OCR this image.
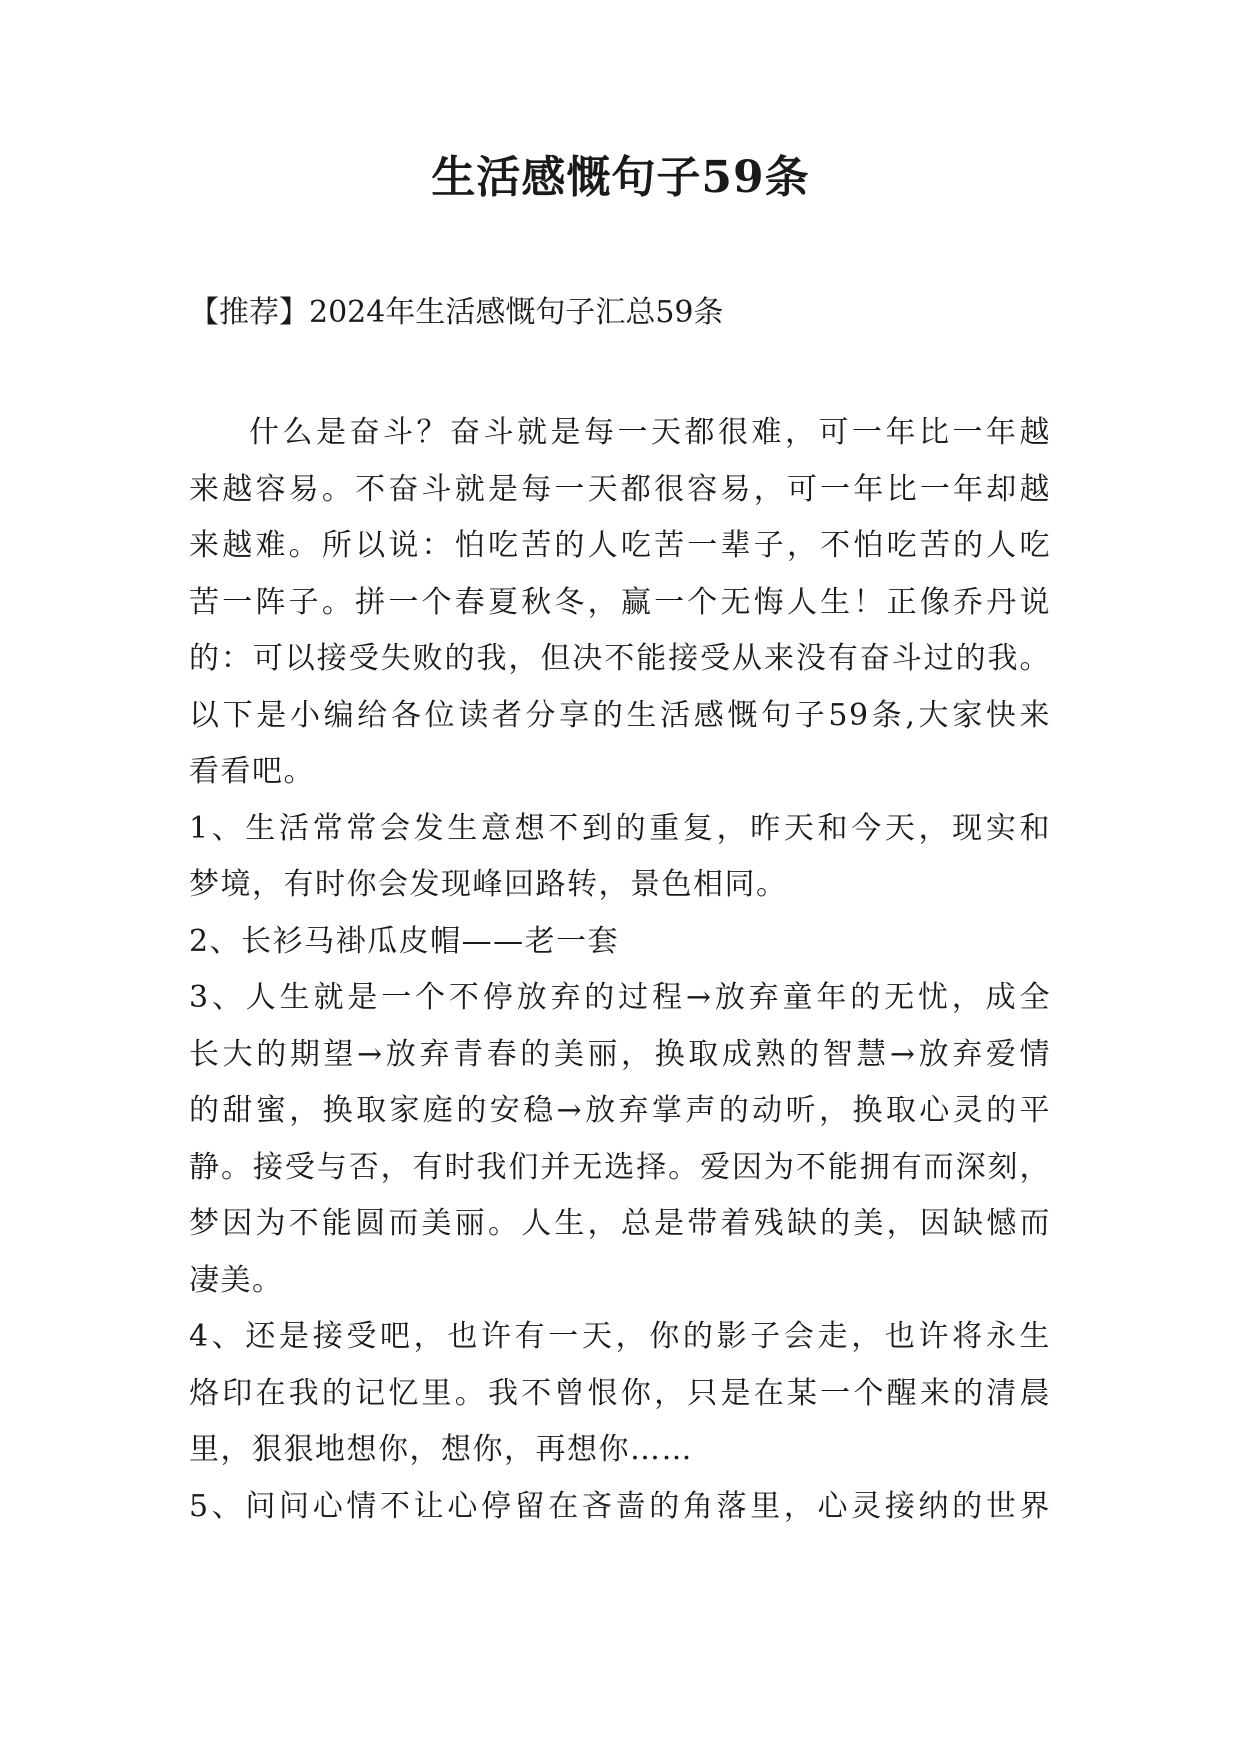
生活感慨句子59条
【推荐】2024年生活感慨句子汇总59条
什么是奋斗？奋斗就是每一天都很难，可一年比一年越
来越容易。不奋斗就是每一天都很容易，可一年比一年却越
来越难。所以说：怕吃苦的人吃苦一辈子，不怕吃苦的人吃
苦一阵子。拼一个春夏秋冬，赢一个无悔人生！正像乔丹说
的：可以接受失败的我，但决不能接受从来没有奋斗过的我。
以下是小编给各位读者分享的生活感慨句子59条,大家快来
看看吧。
1、生活常常会发生意想不到的重复，昨天和今天，现实和
梦境，有时你会发现峰回路转，景色相同。
2、长衫马褂瓜皮帽——老一套
3、人生就是一个不停放弃的过程→放弃童年的无忧，成全
长大的期望→放弃青春的美丽，换取成熟的智慧→放弃爱情
的甜蜜，换取家庭的安稳→放弃掌声的动听，换取心灵的平
静。接受与否，有时我们并无选择。爱因为不能拥有而深刻，
梦因为不能圆而美丽。人生，总是带着残缺的美，因缺憾而
凄美。
4、还是接受吧，也许有一天，你的影子会走，也许将永生
烙印在我的记忆里。我不曾恨你，只是在某一个醒来的清晨
里，狠狠地想你，想你，再想你……
5、问问心情不让心停留在吝啬的角落里，心灵接纳的世界
